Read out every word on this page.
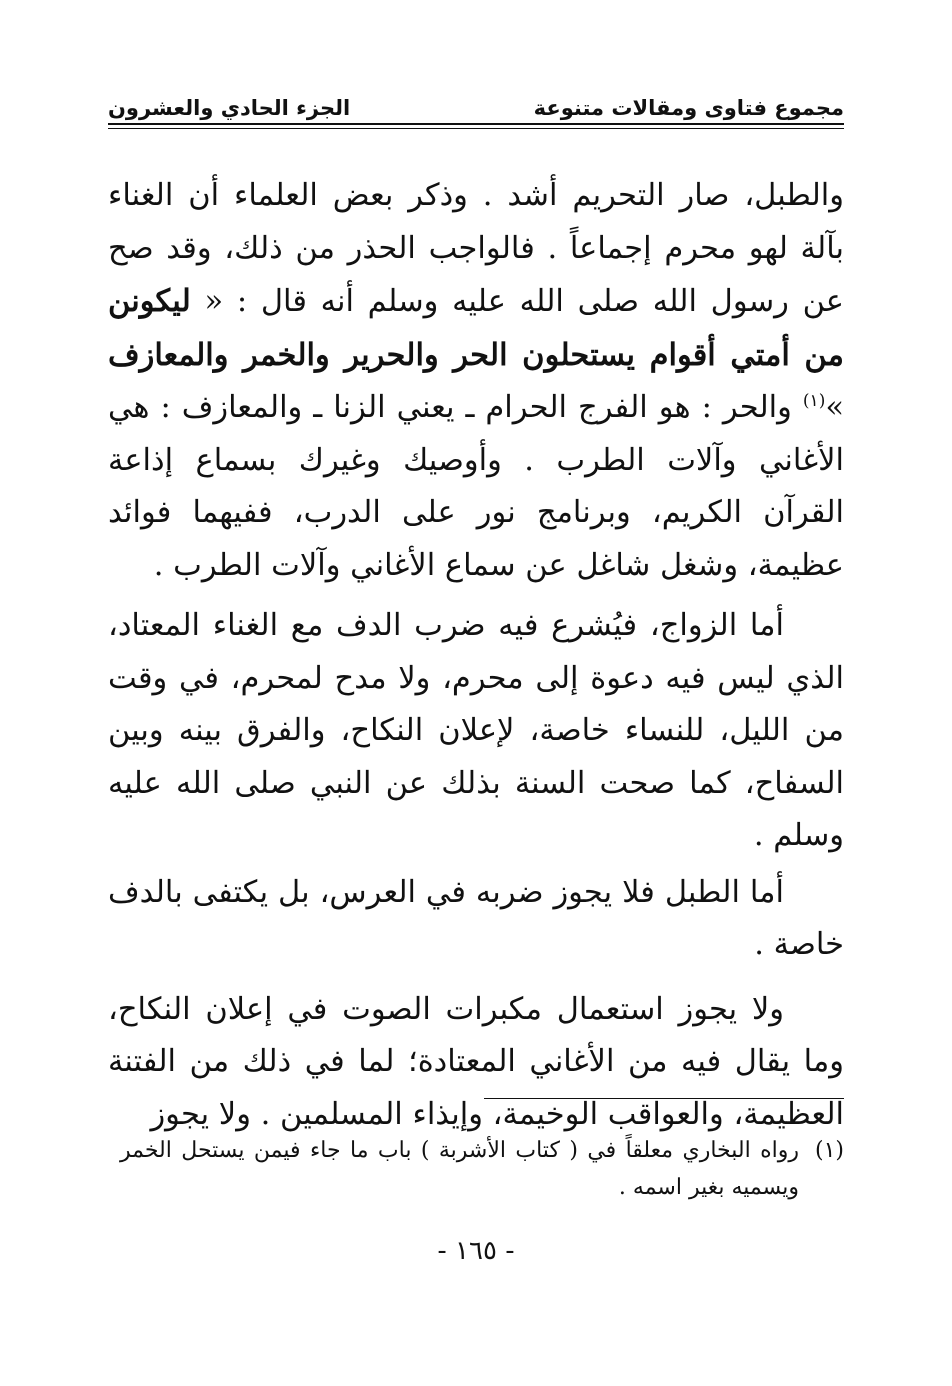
مجموع فتاوى ومقالات متنوعة
الجزء الحادي والعشرون

والطبل، صار التحريم أشد . وذكر بعض العلماء أن الغناء بآلة لهو محرم إجماعاً . فالواجب الحذر من ذلك، وقد صح عن رسول الله صلى الله عليه وسلم أنه قال : « ليكونن من أمتي أقوام يستحلون الحر والحرير والخمر والمعازف »$^{(١)}$ والحر : هو الفرج الحرام ـ يعني الزنا ـ والمعازف : هي الأغاني وآلات الطرب . وأوصيك وغيرك بسماع إذاعة القرآن الكريم، وبرنامج نور على الدرب، ففيهما فوائد عظيمة، وشغل شاغل عن سماع الأغاني وآلات الطرب .

أما الزواج، فيُشرع فيه ضرب الدف مع الغناء المعتاد، الذي ليس فيه دعوة إلى محرم، ولا مدح لمحرم، في وقت من الليل، للنساء خاصة، لإعلان النكاح، والفرق بينه وبين السفاح، كما صحت السنة بذلك عن النبي صلى الله عليه وسلم .

أما الطبل فلا يجوز ضربه في العرس، بل يكتفى بالدف خاصة .

ولا يجوز استعمال مكبرات الصوت في إعلان النكاح، وما يقال فيه من الأغاني المعتادة؛ لما في ذلك من الفتنة العظيمة، والعواقب الوخيمة، وإيذاء المسلمين . ولا يجوز

(١)
رواه البخاري معلقاً في ( كتاب الأشربة ) باب ما جاء فيمن يستحل الخمر ويسميه بغير اسمه .
- ١٦٥ -
